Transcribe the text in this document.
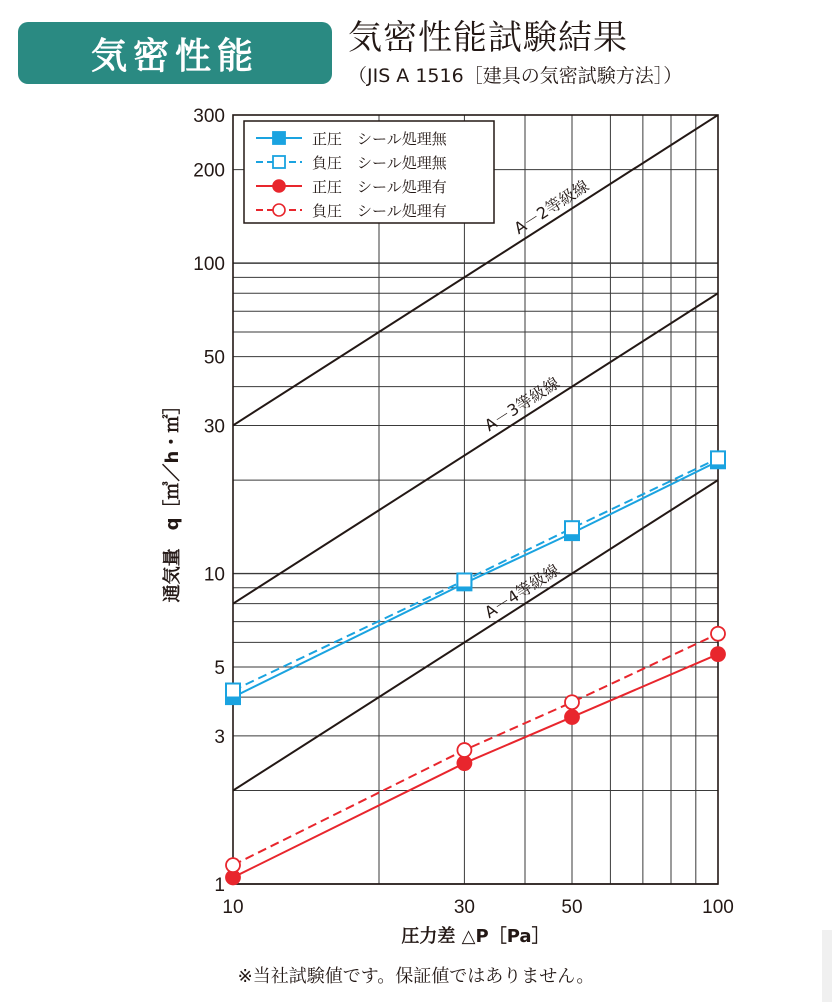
気密性能	気密性能試験結果
（JIS A 1516［建具の気密試験方法］）
A－2等級線
A－3等級線
A－4等級線
1
3
5
10
30
50
100
200
300
10	30	50	100
圧力差 △P［Pa］
通気量　q［㎥／h・㎡］
正圧　シール処理無
負圧　シール処理無
正圧　シール処理有
負圧　シール処理有
※当社試験値です。保証値ではありません。
